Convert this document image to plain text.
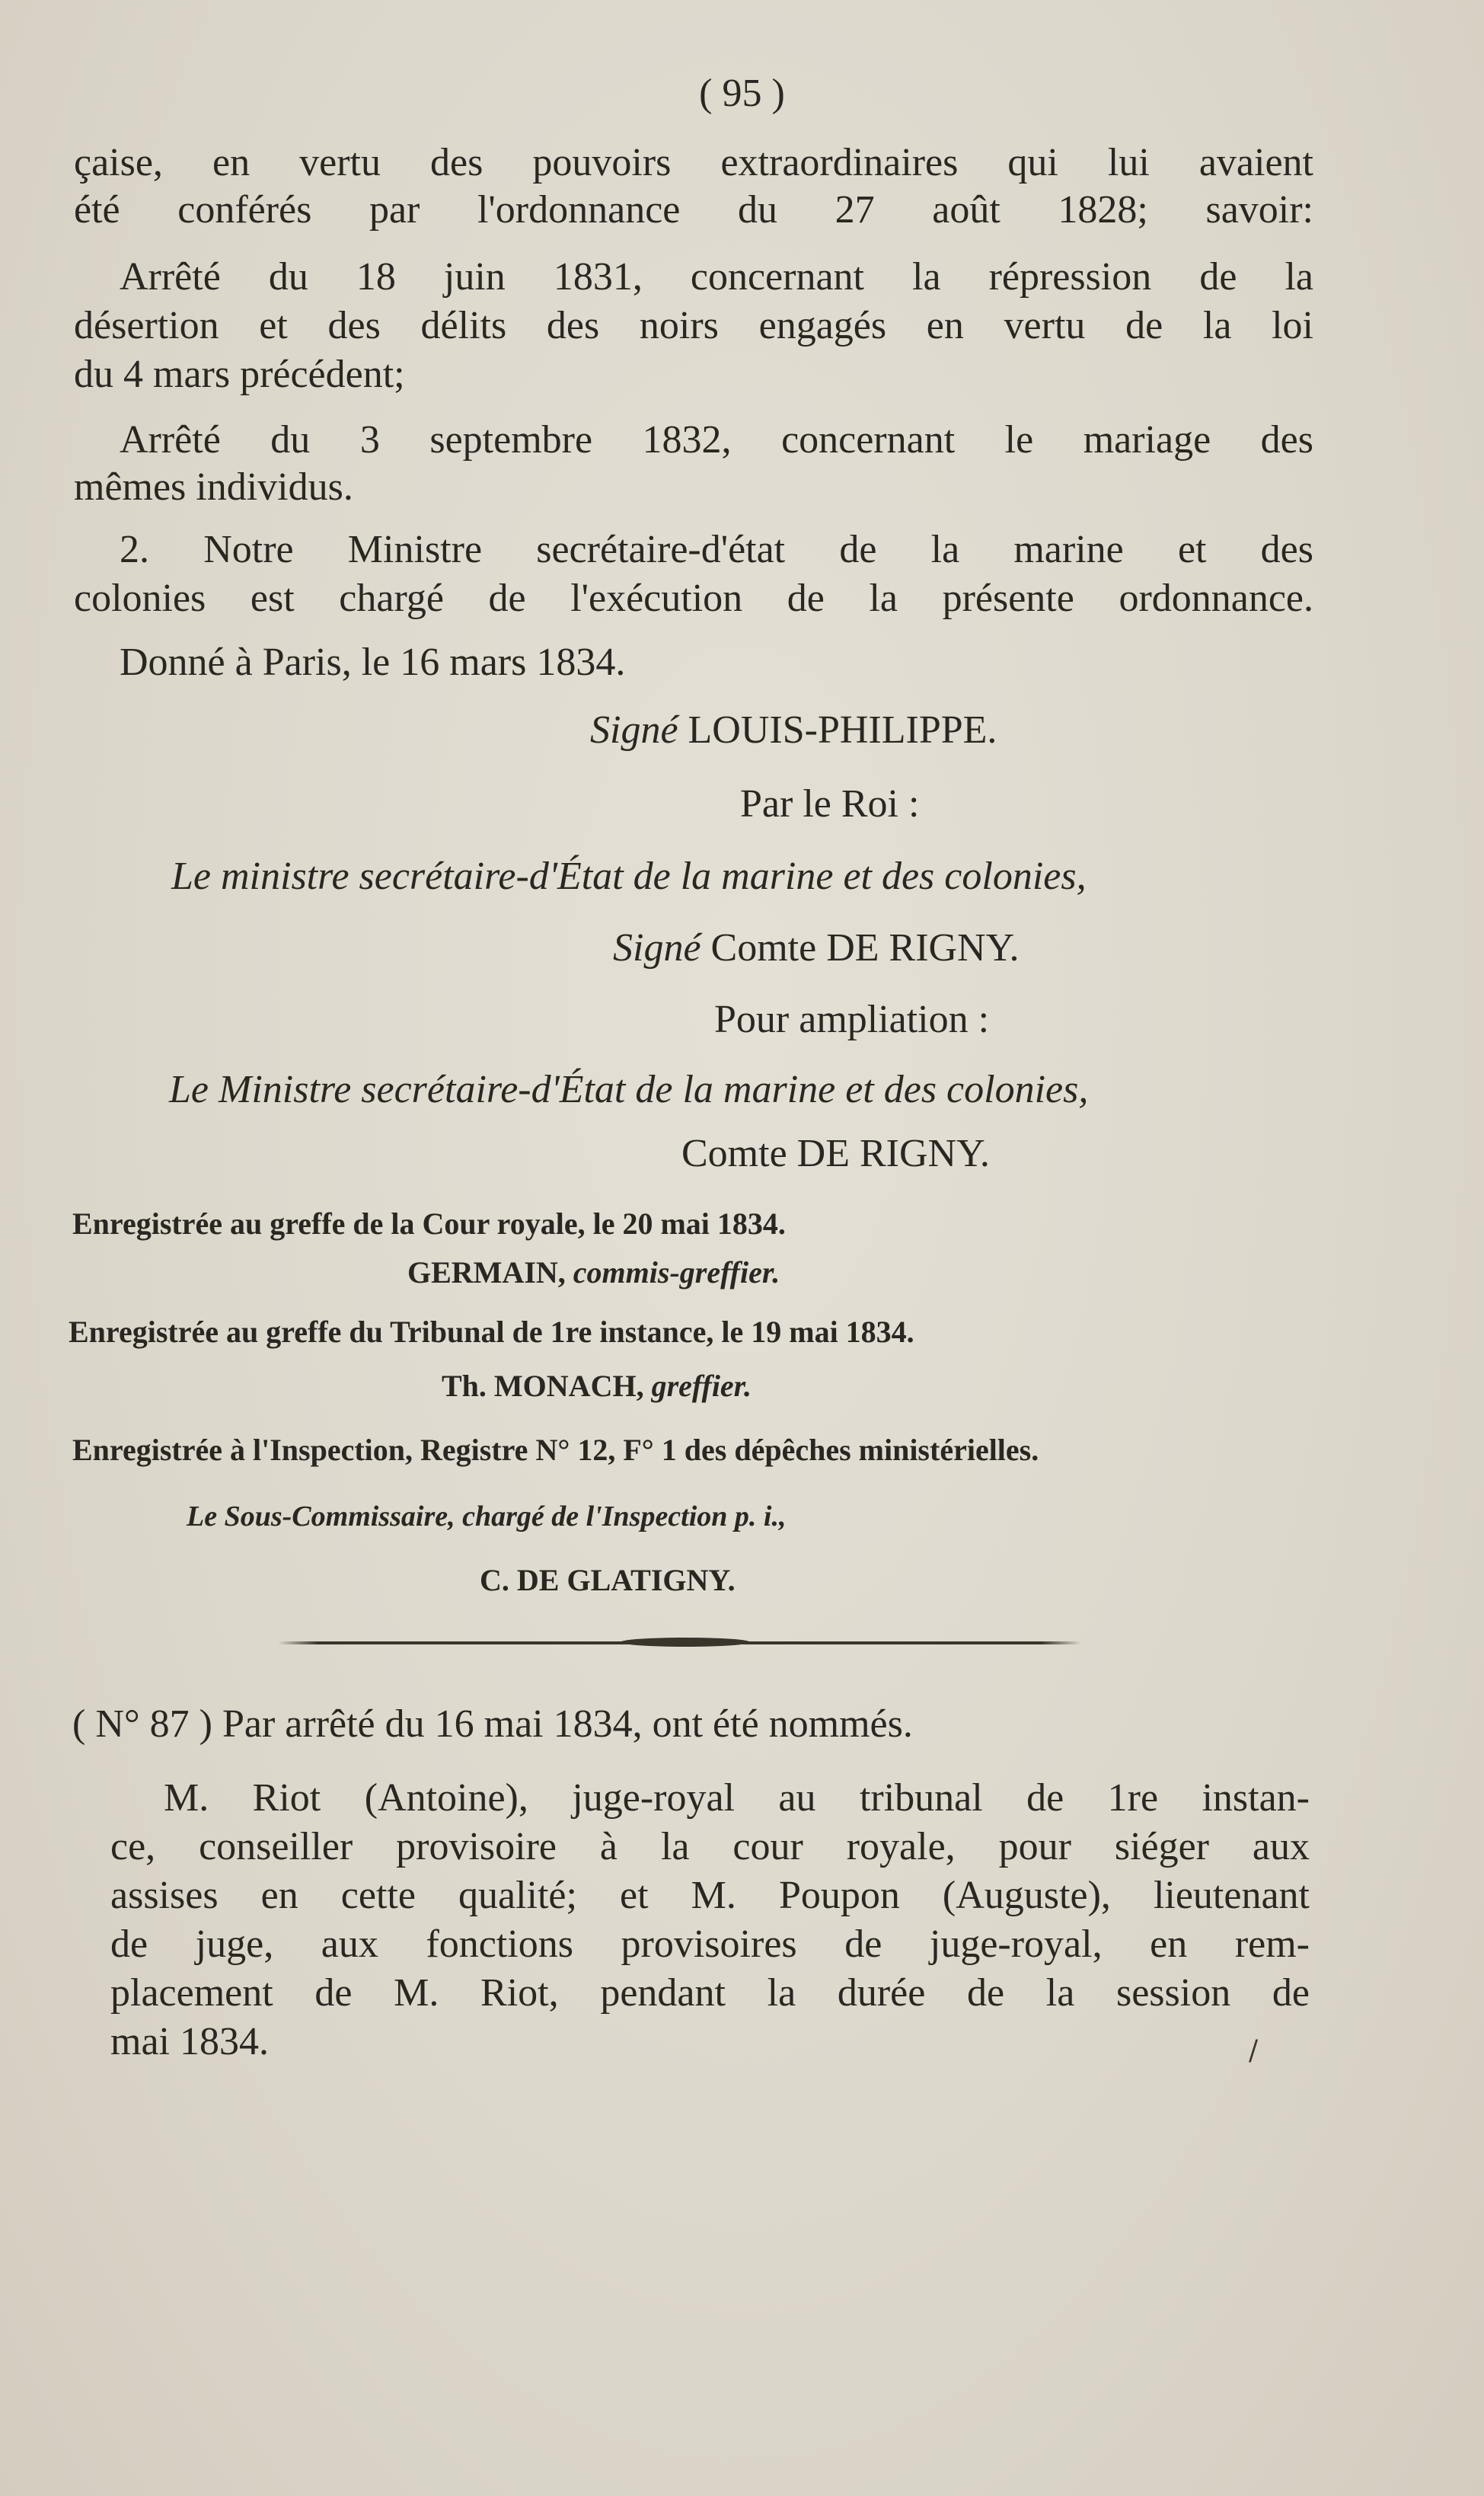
( 95 )

çaise, en vertu des pouvoirs extraordinaires qui lui avaient

été conférés par l'ordonnance du 27 août 1828; savoir:

Arrêté du 18 juin 1831, concernant la répression de la

désertion et des délits des noirs engagés en vertu de la loi

du 4 mars précédent;

Arrêté du 3 septembre 1832, concernant le mariage des

mêmes individus.

2. Notre Ministre secrétaire-d'état de la marine et des

colonies est chargé de l'exécution de la présente ordonnance.

Donné à Paris, le 16 mars 1834.

Signé LOUIS-PHILIPPE.

Par le Roi :

Le ministre secrétaire-d'État de la marine et des colonies,

Signé Comte DE RIGNY.

Pour ampliation :

Le Ministre secrétaire-d'État de la marine et des colonies,

Comte DE RIGNY.

Enregistrée au greffe de la Cour royale, le 20 mai 1834.

GERMAIN, commis-greffier.

Enregistrée au greffe du Tribunal de 1re instance, le 19 mai 1834.

Th. MONACH, greffier.

Enregistrée à l'Inspection, Registre N° 12, F° 1 des dépêches ministérielles.

Le Sous-Commissaire, chargé de l'Inspection p. i.,

C. DE GLATIGNY.

( N° 87 ) Par arrêté du 16 mai 1834, ont été nommés.

M. Riot (Antoine), juge-royal au tribunal de 1re instan-

ce, conseiller provisoire à la cour royale, pour siéger aux

assises en cette qualité; et M. Poupon (Auguste), lieutenant

de juge, aux fonctions provisoires de juge-royal, en rem-

placement de M. Riot, pendant la durée de la session de

mai 1834.	/
